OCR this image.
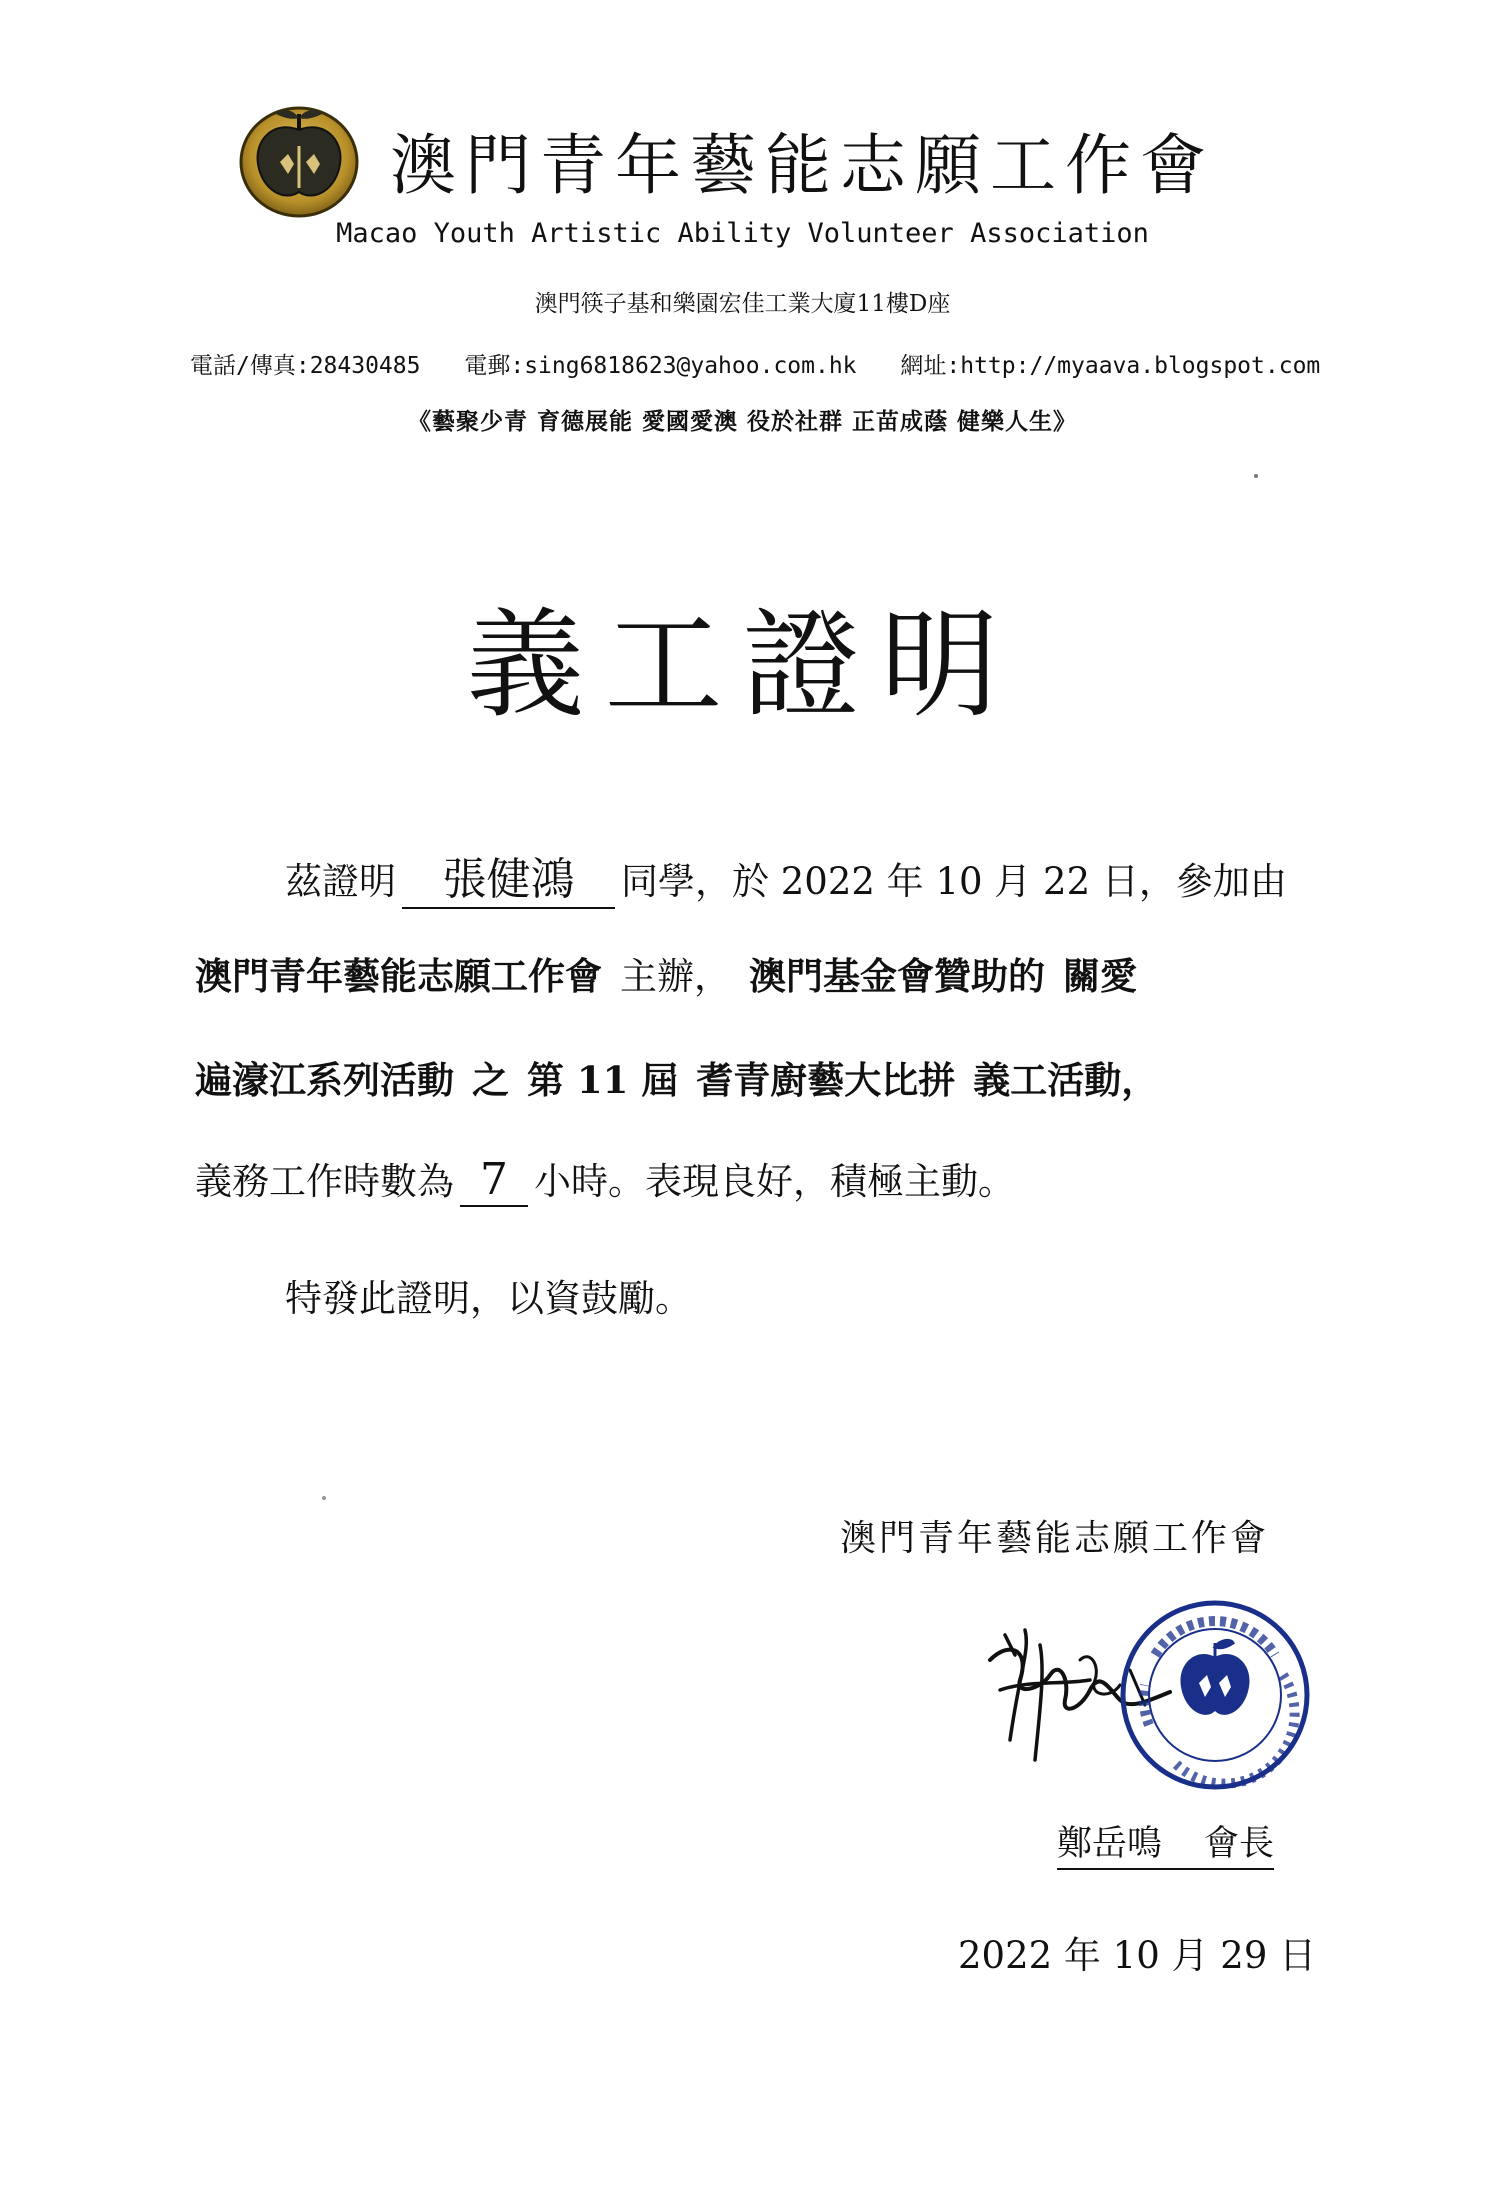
澳門青年藝能志願工作會
Macao Youth Artistic Ability Volunteer Association
澳門筷子基和樂園宏佳工業大廈11樓D座
電話/傳真:28430485 電郵:sing6818623@yahoo.com.hk 網址:http://myaava.blogspot.com
《藝聚少青 育德展能 愛國愛澳 役於社群 正苗成蔭 健樂人生》
義工證明
茲證明 張健鴻 同學，於 2022 年 10 月 22 日，參加由
澳門青年藝能志願工作會 主辦， 澳門基金會贊助的 關愛
遍濠江系列活動 之 第 11 屆 耆青廚藝大比拼 義工活動，
義務工作時數為 7 小時。表現良好，積極主動。
特發此證明，以資鼓勵。
澳門青年藝能志願工作會
鄭岳鳴 會長
2022 年 10 月 29 日
